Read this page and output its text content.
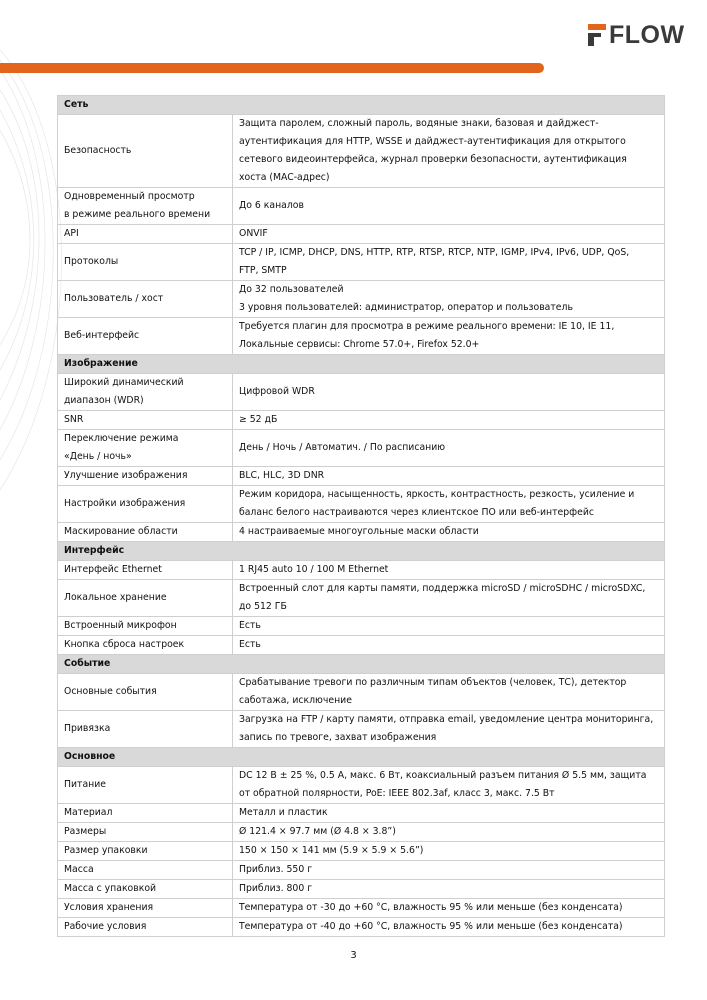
FLOW
Сеть	
Безопасность	Защита паролем, сложный пароль, водяные знаки, базовая и дайджест-
аутентификация для HTTP, WSSE и дайджест-аутентификация для открытого
сетевого видеоинтерфейса, журнал проверки безопасности, аутентификация
хоста (MAC-адрес)
Одновременный просмотр
в режиме реального времени	До 6 каналов
API	ONVIF
Протоколы	TCP / IP, ICMP, DHCP, DNS, HTTP, RTP, RTSP, RTCP, NTP, IGMP, IPv4, IPv6, UDP, QoS,
FTP, SMTP
Пользователь / хост	До 32 пользователей
3 уровня пользователей: администратор, оператор и пользователь
Веб-интерфейс	Требуется плагин для просмотра в режиме реального времени: IE 10, IE 11,
Локальные сервисы: Chrome 57.0+, Firefox 52.0+
Изображение	
Широкий динамический
диапазон (WDR)	Цифровой WDR
SNR	≥ 52 дБ
Переключение режима
«День / ночь»	День / Ночь / Автоматич. / По расписанию
Улучшение изображения	BLC, HLC, 3D DNR
Настройки изображения	Режим коридора, насыщенность, яркость, контрастность, резкость, усиление и
баланс белого настраиваются через клиентское ПО или веб-интерфейс
Маскирование области	4 настраиваемые многоугольные маски области
Интерфейс	
Интерфейс Ethernet	1 RJ45 auto 10 / 100 M Ethernet
Локальное хранение	Встроенный слот для карты памяти, поддержка microSD / microSDHC / microSDXC,
до 512 ГБ
Встроенный микрофон	Есть
Кнопка сброса настроек	Есть
Событие	
Основные события	Срабатывание тревоги по различным типам объектов (человек, ТС), детектор
саботажа, исключение
Привязка	Загрузка на FTP / карту памяти, отправка email, уведомление центра мониторинга,
запись по тревоге, захват изображения
Основное	
Питание	DC 12 В ± 25 %, 0.5 А, макс. 6 Вт, коаксиальный разъем питания Ø 5.5 мм, защита
от обратной полярности, PoE: IEEE 802.3af, класс 3, макс. 7.5 Вт
Материал	Металл и пластик
Размеры	Ø 121.4 × 97.7 мм (Ø 4.8 × 3.8”)
Размер упаковки	150 × 150 × 141 мм (5.9 × 5.9 × 5.6”)
Масса	Приблиз. 550 г
Масса с упаковкой	Приблиз. 800 г
Условия хранения	Температура от -30 до +60 °C, влажность 95 % или меньше (без конденсата)
Рабочие условия	Температура от -40 до +60 °C, влажность 95 % или меньше (без конденсата)
3
